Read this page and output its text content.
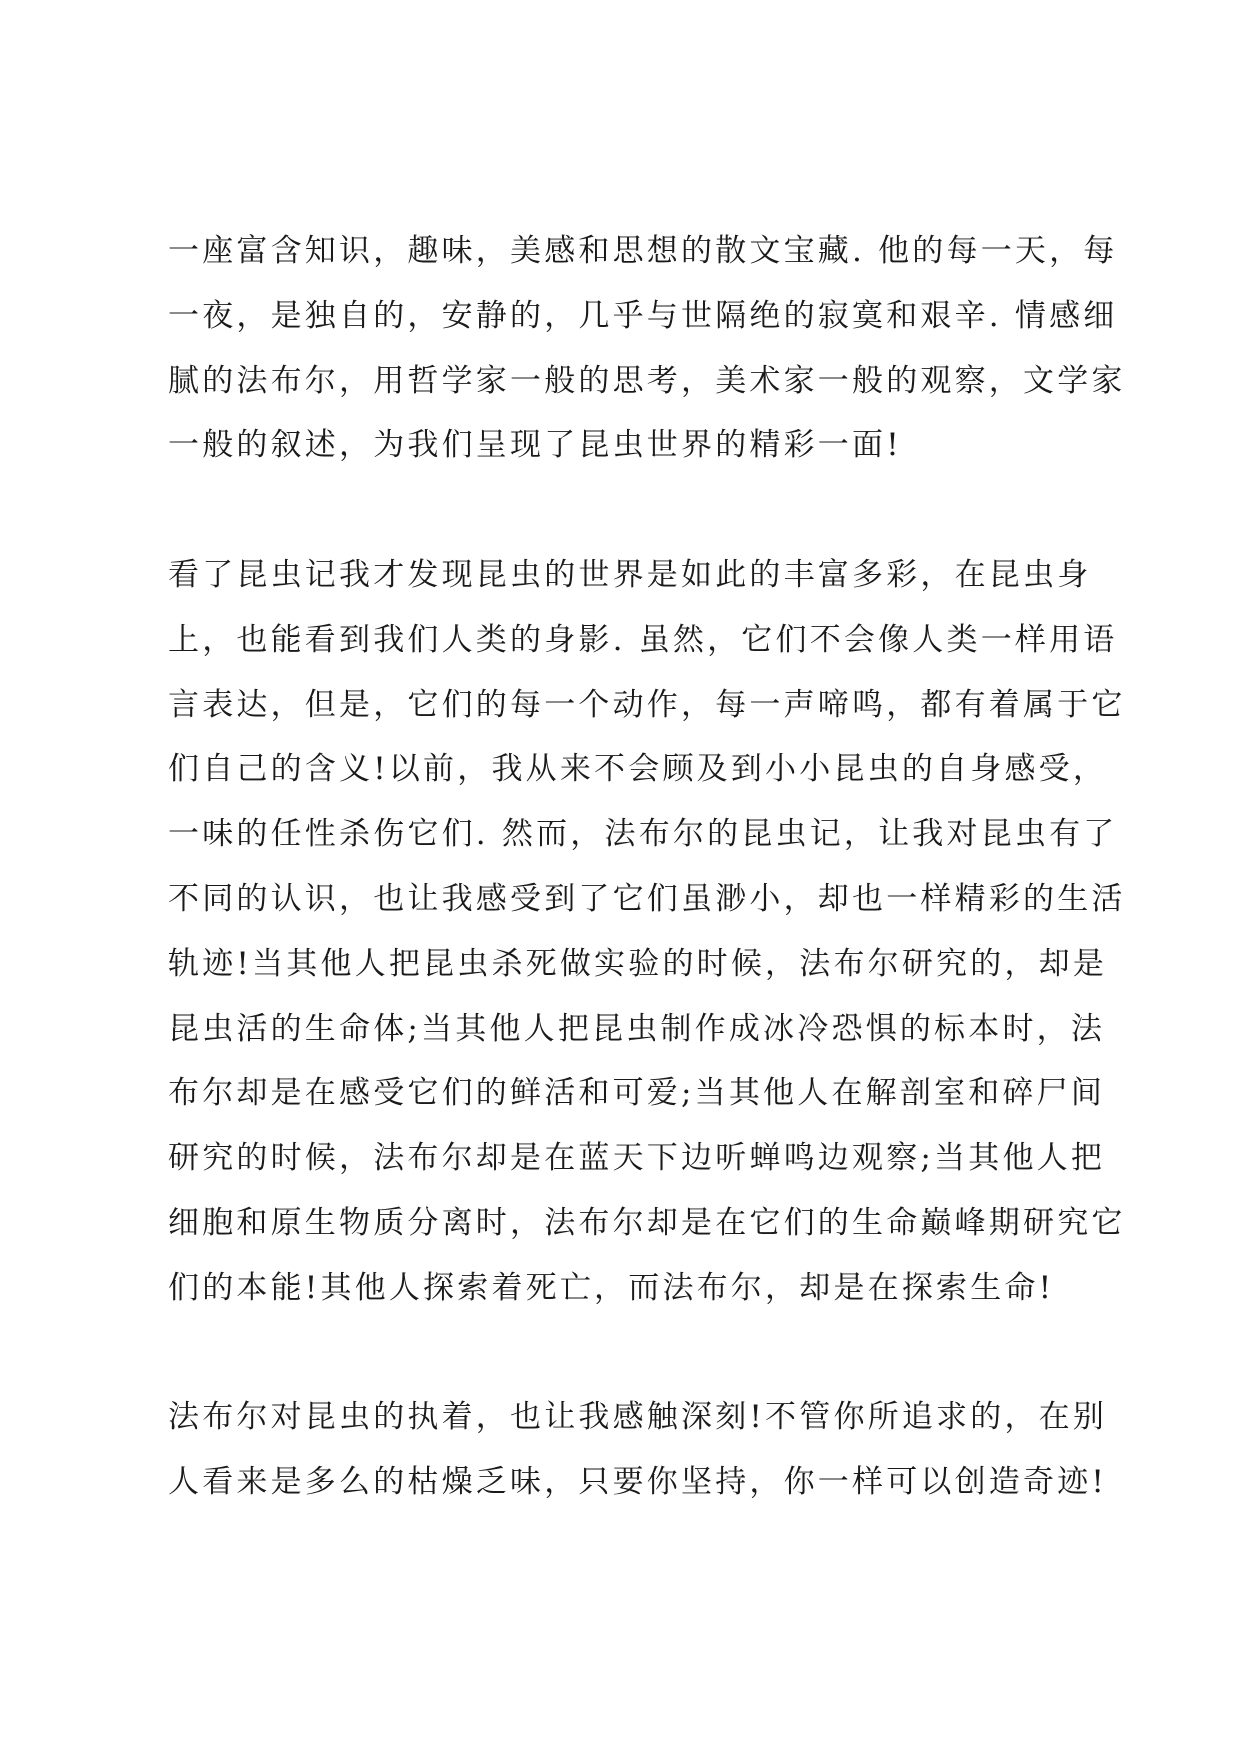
一座富含知识，趣味，美感和思想的散文宝藏. 他的每一天，每
一夜，是独自的，安静的，几乎与世隔绝的寂寞和艰辛. 情感细
腻的法布尔，用哲学家一般的思考，美术家一般的观察，文学家
一般的叙述，为我们呈现了昆虫世界的精彩一面!
看了昆虫记我才发现昆虫的世界是如此的丰富多彩，在昆虫身
上，也能看到我们人类的身影. 虽然，它们不会像人类一样用语
言表达，但是，它们的每一个动作，每一声啼鸣，都有着属于它
们自己的含义!以前，我从来不会顾及到小小昆虫的自身感受，
一味的任性杀伤它们. 然而，法布尔的昆虫记，让我对昆虫有了
不同的认识，也让我感受到了它们虽渺小，却也一样精彩的生活
轨迹!当其他人把昆虫杀死做实验的时候，法布尔研究的，却是
昆虫活的生命体;当其他人把昆虫制作成冰冷恐惧的标本时，法
布尔却是在感受它们的鲜活和可爱;当其他人在解剖室和碎尸间
研究的时候，法布尔却是在蓝天下边听蝉鸣边观察;当其他人把
细胞和原生物质分离时，法布尔却是在它们的生命巅峰期研究它
们的本能!其他人探索着死亡，而法布尔，却是在探索生命!
法布尔对昆虫的执着，也让我感触深刻!不管你所追求的，在别
人看来是多么的枯燥乏味，只要你坚持，你一样可以创造奇迹!
